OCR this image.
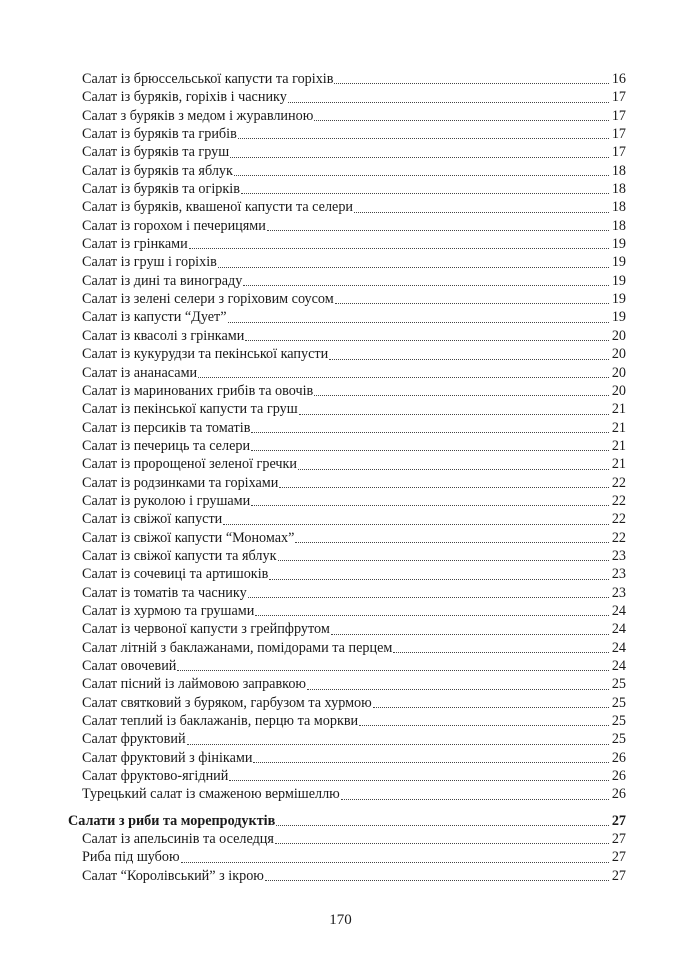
Салат із брюссельської капусти та горіхів	16
Салат із буряків, горіхів і часнику	17
Салат з буряків з медом і журавлиною	17
Салат із буряків та грибів	17
Салат із буряків та груш	17
Салат із буряків та яблук	18
Салат із буряків та огірків	18
Салат із буряків, квашеної капусти та селери	18
Салат із горохом і печерицями	18
Салат із грінками	19
Салат із груш і горіхів	19
Салат із дині та винограду	19
Салат із зелені селери з горіховим соусом	19
Салат із капусти “Дует”	19
Салат із квасолі з грінками	20
Салат із кукурудзи та пекінської капусти	20
Салат із ананасами	20
Салат із маринованих грибів та овочів	20
Салат із пекінської капусти та груш	21
Салат із персиків та томатів	21
Салат із печериць та селери	21
Салат із пророщеної зеленої гречки	21
Салат із родзинками та горіхами	22
Салат із руколою і грушами	22
Салат із свіжої капусти	22
Салат із свіжої капусти “Мономах”	22
Салат із свіжої капусти та яблук	23
Салат із сочевиці та артишоків	23
Салат із томатів та часнику	23
Салат із хурмою та грушами	24
Салат із червоної капусти з грейпфрутом	24
Салат літній з баклажанами, помідорами та перцем	24
Салат овочевий	24
Салат пісний із лаймовою заправкою	25
Салат святковий з буряком, гарбузом та хурмою	25
Салат теплий із баклажанів, перцю та моркви	25
Салат фруктовий	25
Салат фруктовий з фініками	26
Салат фруктово-ягідний	26
Турецький салат із смаженою вермішеллю	26
Салати з риби та морепродуктів	27
Салат із апельсинів та оселедця	27
Риба під шубою	27
Салат “Королівський” з ікрою	27
170
